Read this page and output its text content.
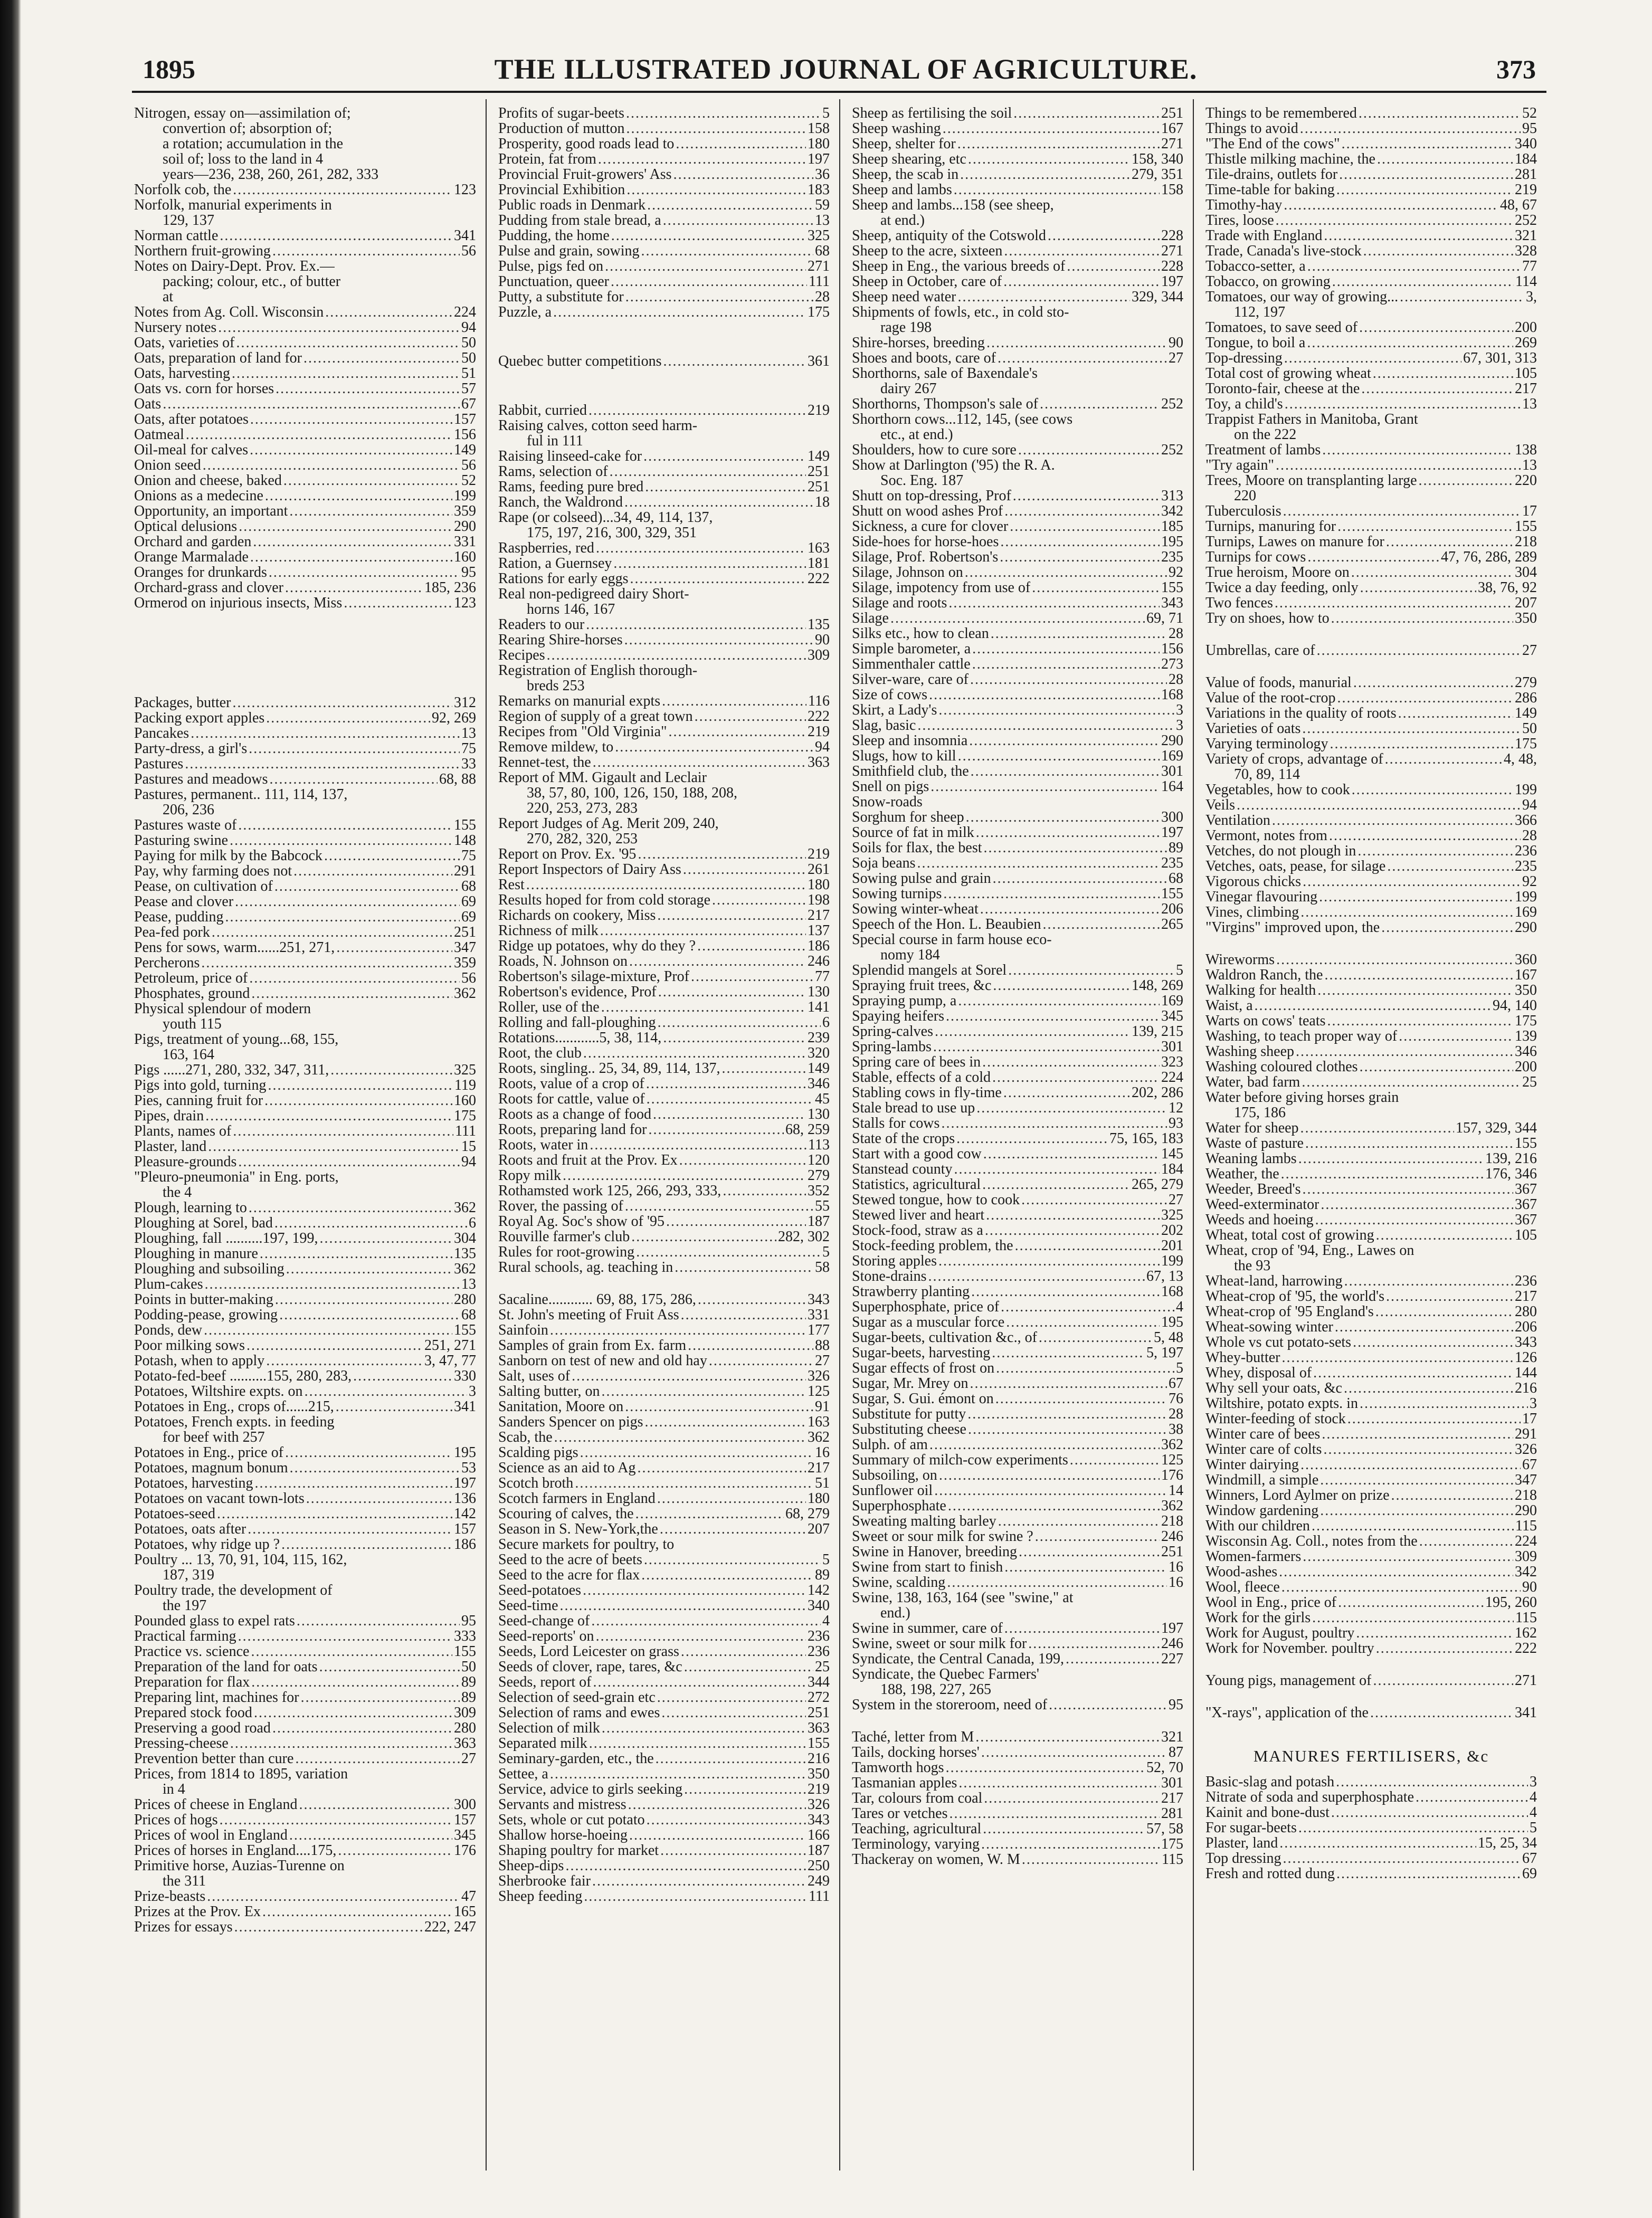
1895	THE ILLUSTRATED JOURNAL OF AGRICULTURE.	373
Nitrogen, essay on—assimilation of;
convertion of; absorption of;
a rotation; accumulation in the
soil of; loss to the land in 4
years—236, 238, 260, 261, 282, 333
Norfolk cob, the .....	123
Norfolk, manurial experiments in
129, 137
Norman cattle .....	341
Northern fruit-growing .....	56
Notes on Dairy-Dept. Prov. Ex.—
packing; colour, etc., of butter
at
Notes from Ag. Coll. Wisconsin .....	224
Nursery notes .....	94
Oats, varieties of .....	50
Oats, preparation of land for .....	50
Oats, harvesting .....	51
Oats vs. corn for horses .....	57
Oats .....	67
Oats, after potatoes .....	157
Oatmeal .....	156
Oil-meal for calves .....	149
Onion seed .....	56
Onion and cheese, baked .....	52
Onions as a medecine .....	199
Opportunity, an important .....	359
Optical delusions .....	290
Orchard and garden .....	331
Orange Marmalade .....	160
Oranges for drunkards .....	95
Orchard-grass and clover .....	185, 236
Ormerod on injurious insects, Miss .....	123
Packages, butter .....	312
Packing export apples .....	92, 269
Pancakes .....	13
Party-dress, a girl's .....	75
Pastures .....	33
Pastures and meadows .....	68, 88
Pastures, permanent.. 111, 114, 137,
206, 236
Pastures waste of .....	155
Pasturing swine .....	148
Paying for milk by the Babcock .....	75
Pay, why farming does not .....	291
Pease, on cultivation of .....	68
Pease and clover .....	69
Pease, pudding .....	69
Pea-fed pork .....	251
Pens for sows, warm......251, 271, .....	347
Percherons .....	359
Petroleum, price of .....	56
Phosphates, ground .....	362
Physical splendour of modern
youth 115
Pigs, treatment of young...68, 155,
163, 164
Pigs ......271, 280, 332, 347, 311, .....	325
Pigs into gold, turning .....	119
Pies, canning fruit for .....	160
Pipes, drain .....	175
Plants, names of .....	111
Plaster, land .....	15
Pleasure-grounds .....	94
"Pleuro-pneumonia" in Eng. ports,
the 4
Plough, learning to .....	362
Ploughing at Sorel, bad .....	6
Ploughing, fall ..........197, 199, .....	304
Ploughing in manure .....	135
Ploughing and subsoiling .....	362
Plum-cakes .....	13
Points in butter-making .....	280
Podding-pease, growing .....	68
Ponds, dew .....	155
Poor milking sows .....	251, 271
Potash, when to apply .....	3, 47, 77
Potato-fed-beef ..........155, 280, 283, .....	330
Potatoes, Wiltshire expts. on .....	3
Potatoes in Eng., crops of......215, .....	341
Potatoes, French expts. in feeding
for beef with 257
Potatoes in Eng., price of .....	195
Potatoes, magnum bonum .....	53
Potatoes, harvesting .....	197
Potatoes on vacant town-lots .....	136
Potatoes-seed .....	142
Potatoes, oats after .....	157
Potatoes, why ridge up ? .....	186
Poultry ... 13, 70, 91, 104, 115, 162,
187, 319
Poultry trade, the development of
the 197
Pounded glass to expel rats .....	95
Practical farming .....	333
Practice vs. science .....	155
Preparation of the land for oats .....	50
Preparation for flax .....	89
Preparing lint, machines for .....	89
Prepared stock food .....	309
Preserving a good road .....	280
Pressing-cheese .....	363
Prevention better than cure .....	27
Prices, from 1814 to 1895, variation
in 4
Prices of cheese in England .....	300
Prices of hogs .....	157
Prices of wool in England .....	345
Prices of horses in England....175, .....	176
Primitive horse, Auzias-Turenne on
the 311
Prize-beasts .....	47
Prizes at the Prov. Ex .....	165
Prizes for essays .....	222, 247
Profits of sugar-beets .....	5
Production of mutton .....	158
Prosperity, good roads lead to .....	180
Protein, fat from .....	197
Provincial Fruit-growers' Ass .....	36
Provincial Exhibition .....	183
Public roads in Denmark .....	59
Pudding from stale bread, a .....	13
Pudding, the home .....	325
Pulse and grain, sowing .....	68
Pulse, pigs fed on .....	271
Punctuation, queer .....	111
Putty, a substitute for .....	28
Puzzle, a .....	175
Quebec butter competitions .....	361
Rabbit, curried .....	219
Raising calves, cotton seed harm-
ful in 111
Raising linseed-cake for .....	149
Rams, selection of .....	251
Rams, feeding pure bred .....	251
Ranch, the Waldrond .....	18
Rape (or colseed)...34, 49, 114, 137,
175, 197, 216, 300, 329, 351
Raspberries, red .....	163
Ration, a Guernsey .....	181
Rations for early eggs .....	222
Real non-pedigreed dairy Short-
horns 146, 167
Readers to our .....	135
Rearing Shire-horses .....	90
Recipes .....	309
Registration of English thorough-
breds 253
Remarks on manurial expts .....	116
Region of supply of a great town .....	222
Recipes from "Old Virginia" .....	219
Remove mildew, to .....	94
Rennet-test, the .....	363
Report of MM. Gigault and Leclair
38, 57, 80, 100, 126, 150, 188, 208,
220, 253, 273, 283
Report Judges of Ag. Merit 209, 240,
270, 282, 320, 253
Report on Prov. Ex. '95 .....	219
Report Inspectors of Dairy Ass .....	261
Rest .....	180
Results hoped for from cold storage .....	198
Richards on cookery, Miss .....	217
Richness of milk .....	137
Ridge up potatoes, why do they ? .....	186
Roads, N. Johnson on .....	246
Robertson's silage-mixture, Prof .....	77
Robertson's evidence, Prof .....	130
Roller, use of the .....	141
Rolling and fall-ploughing .....	6
Rotations............5, 38, 114, .....	239
Root, the club .....	320
Roots, singling.. 25, 34, 89, 114, 137, .....	149
Roots, value of a crop of .....	346
Roots for cattle, value of .....	45
Roots as a change of food .....	130
Roots, preparing land for .....	68, 259
Roots, water in .....	113
Roots and fruit at the Prov. Ex .....	120
Ropy milk .....	279
Rothamsted work 125, 266, 293, 333, .....	352
Rover, the passing of .....	55
Royal Ag. Soc's show of '95 .....	187
Rouville farmer's club .....	282, 302
Rules for root-growing .....	5
Rural schools, ag. teaching in .....	58
Sacaline............ 69, 88, 175, 286, .....	343
St. John's meeting of Fruit Ass .....	331
Sainfoin .....	177
Samples of grain from Ex. farm .....	88
Sanborn on test of new and old hay .....	27
Salt, uses of .....	326
Salting butter, on .....	125
Sanitation, Moore on .....	91
Sanders Spencer on pigs .....	163
Scab, the .....	362
Scalding pigs .....	16
Science as an aid to Ag .....	217
Scotch broth .....	51
Scotch farmers in England .....	180
Scouring of calves, the .....	68, 279
Season in S. New-York,the .....	207
Secure markets for poultry, to
Seed to the acre of beets .....	5
Seed to the acre for flax .....	89
Seed-potatoes .....	142
Seed-time .....	340
Seed-change of .....	4
Seed-reports' on .....	236
Seeds, Lord Leicester on grass .....	236
Seeds of clover, rape, tares, &c .....	25
Seeds, report of .....	344
Selection of seed-grain etc .....	272
Selection of rams and ewes .....	251
Selection of milk .....	363
Separated milk .....	155
Seminary-garden, etc., the .....	216
Settee, a .....	350
Service, advice to girls seeking .....	219
Servants and mistress .....	326
Sets, whole or cut potato .....	343
Shallow horse-hoeing .....	166
Shaping poultry for market .....	187
Sheep-dips .....	250
Sherbrooke fair .....	249
Sheep feeding .....	111
Sheep as fertilising the soil .....	251
Sheep washing .....	167
Sheep, shelter for .....	271
Sheep shearing, etc .....	158, 340
Sheep, the scab in .....	279, 351
Sheep and lambs .....	158
Sheep and lambs...158 (see sheep,
at end.)
Sheep, antiquity of the Cotswold .....	228
Sheep to the acre, sixteen .....	271
Sheep in Eng., the various breeds of .....	228
Sheep in October, care of .....	197
Sheep need water .....	329, 344
Shipments of fowls, etc., in cold sto-
rage 198
Shire-horses, breeding .....	90
Shoes and boots, care of .....	27
Shorthorns, sale of Baxendale's
dairy 267
Shorthorns, Thompson's sale of .....	252
Shorthorn cows...112, 145, (see cows
etc., at end.)
Shoulders, how to cure sore .....	252
Show at Darlington ('95) the R. A.
Soc. Eng. 187
Shutt on top-dressing, Prof .....	313
Shutt on wood ashes Prof .....	342
Sickness, a cure for clover .....	185
Side-hoes for horse-hoes .....	195
Silage, Prof. Robertson's .....	235
Silage, Johnson on .....	92
Silage, impotency from use of .....	155
Silage and roots .....	343
Silage .....	69, 71
Silks etc., how to clean .....	28
Simple barometer, a .....	156
Simmenthaler cattle .....	273
Silver-ware, care of .....	28
Size of cows .....	168
Skirt, a Lady's .....	3
Slag, basic .....	3
Sleep and insomnia .....	290
Slugs, how to kill .....	169
Smithfield club, the .....	301
Snell on pigs .....	164
Snow-roads
Sorghum for sheep .....	300
Source of fat in milk .....	197
Soils for flax, the best .....	89
Soja beans .....	235
Sowing pulse and grain .....	68
Sowing turnips .....	155
Sowing winter-wheat .....	206
Speech of the Hon. L. Beaubien .....	265
Special course in farm house eco-
nomy 184
Splendid mangels at Sorel .....	5
Spraying fruit trees, &c .....	148, 269
Spraying pump, a .....	169
Spaying heifers .....	345
Spring-calves .....	139, 215
Spring-lambs .....	301
Spring care of bees in .....	323
Stable, effects of a cold .....	224
Stabling cows in fly-time .....	202, 286
Stale bread to use up .....	12
Stalls for cows .....	93
State of the crops .....	75, 165, 183
Start with a good cow .....	145
Stanstead county .....	184
Statistics, agricultural .....	265, 279
Stewed tongue, how to cook .....	27
Stewed liver and heart .....	325
Stock-food, straw as a .....	202
Stock-feeding problem, the .....	201
Storing apples .....	199
Stone-drains .....	67, 13
Strawberry planting .....	168
Superphosphate, price of .....	4
Sugar as a muscular force .....	195
Sugar-beets, cultivation &c., of .....	5, 48
Sugar-beets, harvesting .....	5, 197
Sugar effects of frost on .....	5
Sugar, Mr. Mrey on .....	67
Sugar, S. Gui. émont on .....	76
Substitute for putty .....	28
Substituting cheese .....	38
Sulph. of am .....	362
Summary of milch-cow experiments .....	125
Subsoiling, on .....	176
Sunflower oil .....	14
Superphosphate .....	362
Sweating malting barley .....	218
Sweet or sour milk for swine ? .....	246
Swine in Hanover, breeding .....	251
Swine from start to finish .....	16
Swine, scalding .....	16
Swine, 138, 163, 164 (see "swine," at
end.)
Swine in summer, care of .....	197
Swine, sweet or sour milk for .....	246
Syndicate, the Central Canada, 199, .....	227
Syndicate, the Quebec Farmers'
188, 198, 227, 265
System in the storeroom, need of .....	95
Taché, letter from M .....	321
Tails, docking horses' .....	87
Tamworth hogs .....	52, 70
Tasmanian apples .....	301
Tar, colours from coal .....	217
Tares or vetches .....	281
Teaching, agricultural .....	57, 58
Terminology, varying .....	175
Thackeray on women, W. M .....	115
Things to be remembered .....	52
Things to avoid .....	95
"The End of the cows" .....	340
Thistle milking machine, the .....	184
Tile-drains, outlets for .....	281
Time-table for baking .....	219
Timothy-hay .....	48, 67
Tires, loose .....	252
Trade with England .....	321
Trade, Canada's live-stock .....	328
Tobacco-setter, a .....	77
Tobacco, on growing .....	114
Tomatoes, our way of growing... .....	3,
112, 197
Tomatoes, to save seed of .....	200
Tongue, to boil a .....	269
Top-dressing .....	67, 301, 313
Total cost of growing wheat .....	105
Toronto-fair, cheese at the .....	217
Toy, a child's .....	13
Trappist Fathers in Manitoba, Grant
on the 222
Treatment of lambs .....	138
"Try again" .....	13
Trees, Moore on transplanting large .....	220
220
Tuberculosis .....	17
Turnips, manuring for .....	155
Turnips, Lawes on manure for .....	218
Turnips for cows .....	47, 76, 286, 289
True heroism, Moore on .....	304
Twice a day feeding, only .....	38, 76, 92
Two fences .....	207
Try on shoes, how to .....	350
Umbrellas, care of .....	27
Value of foods, manurial .....	279
Value of the root-crop .....	286
Variations in the quality of roots .....	149
Varieties of oats .....	50
Varying terminology .....	175
Variety of crops, advantage of .....	4, 48,
70, 89, 114
Vegetables, how to cook .....	199
Veils .....	94
Ventilation .....	366
Vermont, notes from .....	28
Vetches, do not plough in .....	236
Vetches, oats, pease, for silage .....	235
Vigorous chicks .....	92
Vinegar flavouring .....	199
Vines, climbing .....	169
"Virgins" improved upon, the .....	290
Wireworms .....	360
Waldron Ranch, the .....	167
Walking for health .....	350
Waist, a .....	94, 140
Warts on cows' teats .....	175
Washing, to teach proper way of .....	139
Washing sheep .....	346
Washing coloured clothes .....	200
Water, bad farm .....	25
Water before giving horses grain
175, 186
Water for sheep .....	157, 329, 344
Waste of pasture .....	155
Weaning lambs .....	139, 216
Weather, the .....	176, 346
Weeder, Breed's .....	367
Weed-exterminator .....	367
Weeds and hoeing .....	367
Wheat, total cost of growing .....	105
Wheat, crop of '94, Eng., Lawes on
the 93
Wheat-land, harrowing .....	236
Wheat-crop of '95, the world's .....	217
Wheat-crop of '95 England's .....	280
Wheat-sowing winter .....	206
Whole vs cut potato-sets .....	343
Whey-butter .....	126
Whey, disposal of .....	144
Why sell your oats, &c .....	216
Wiltshire, potato expts. in .....	3
Winter-feeding of stock .....	17
Winter care of bees .....	291
Winter care of colts .....	326
Winter dairying .....	67
Windmill, a simple .....	347
Winners, Lord Aylmer on prize .....	218
Window gardening .....	290
With our children .....	115
Wisconsin Ag. Coll., notes from the .....	224
Women-farmers .....	309
Wood-ashes .....	342
Wool, fleece .....	90
Wool in Eng., price of .....	195, 260
Work for the girls .....	115
Work for August, poultry .....	162
Work for November. poultry .....	222
Young pigs, management of .....	271
"X-rays", application of the .....	341
MANURES FERTILISERS, &c
Basic-slag and potash .....	3
Nitrate of soda and superphosphate .....	4
Kainit and bone-dust .....	4
For sugar-beets .....	5
Plaster, land .....	15, 25, 34
Top dressing .....	67
Fresh and rotted dung .....	69
